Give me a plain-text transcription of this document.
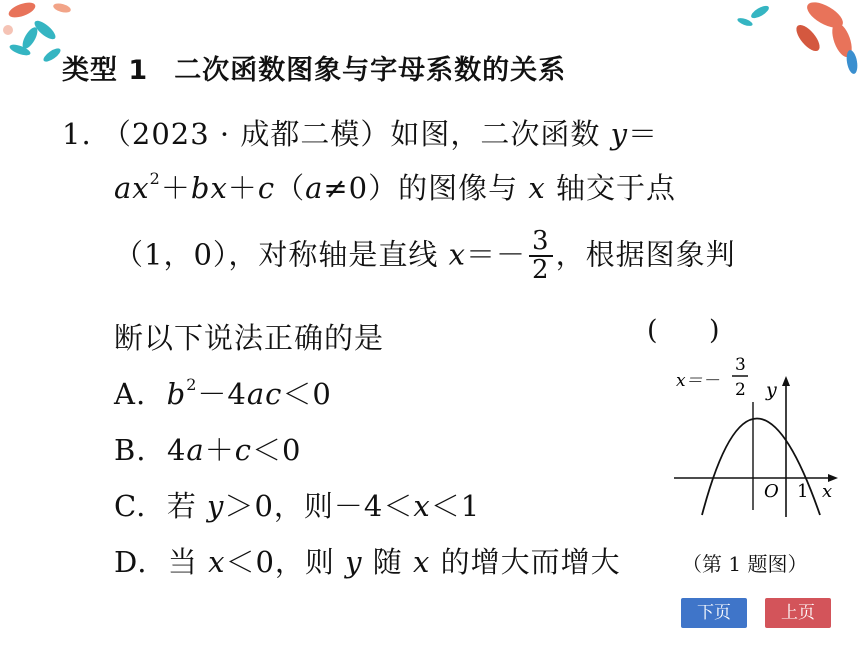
类型 1 二次函数图象与字母系数的关系
1. （2023 · 成都二模）如图，二次函数 y＝
$ax^2+bx+c(a\ne 0)$的图像与 x 轴交于点
（1，0），对称轴是直线 $x=- \frac{3}{2}$ ，根据图象判
断以下说法正确的是	(      )
A. $b^2-4ac<0$
B. 4a＋c＜0
C. 若 y＞0，则－4＜x＜1
D. 当 x＜0，则 y 随 x 的增大而增大
x＝－
3
2 y
x
O 1
（第 1 题图）
下页	上页
